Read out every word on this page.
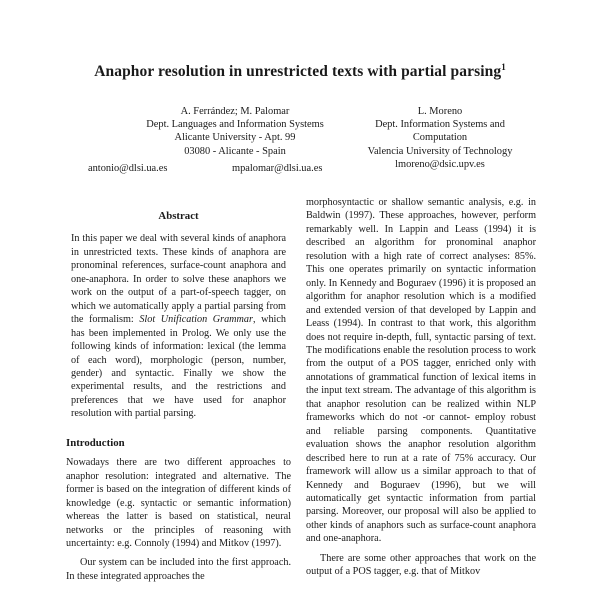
Anaphor resolution in unrestricted texts with partial parsing$^1$
A. Ferrández; M. Palomar
Dept. Languages and Information Systems
Alicante University - Apt. 99
03080 - Alicante - Spain
L. Moreno
Dept. Information Systems and
Computation
Valencia University of Technology
lmoreno@dsic.upv.es
antonio@dlsi.ua.es	mpalomar@dlsi.ua.es
Abstract
In this paper we deal with several kinds of anaphora in unrestricted texts. These kinds of anaphora are pronominal references, surface-count anaphora and one-anaphora. In order to solve these anaphors we work on the output of a part-of-speech tagger, on which we automatically apply a partial parsing from the formalism: Slot Unification Grammar, which has been implemented in Prolog. We only use the following kinds of information: lexical (the lemma of each word), morphologic (person, number, gender) and syntactic. Finally we show the experimental results, and the restrictions and preferences that we have used for anaphor resolution with partial parsing.
Introduction
Nowadays there are two different approaches to anaphor resolution: integrated and alternative. The former is based on the integration of different kinds of knowledge (e.g. syntactic or semantic information) whereas the latter is based on statistical, neural networks or the principles of reasoning with uncertainty: e.g. Connoly (1994) and Mitkov (1997).
Our system can be included into the first approach. In these integrated approaches the
morphosyntactic or shallow semantic analysis, e.g. in Baldwin (1997). These approaches, however, perform remarkably well. In Lappin and Leass (1994) it is described an algorithm for pronominal anaphor resolution with a high rate of correct analyses: 85%. This one operates primarily on syntactic information only. In Kennedy and Boguraev (1996) it is proposed an algorithm for anaphor resolution which is a modified and extended version of that developed by Lappin and Leass (1994). In contrast to that work, this algorithm does not require in-depth, full, syntactic parsing of text. The modifications enable the resolution process to work from the output of a POS tagger, enriched only with annotations of grammatical function of lexical items in the input text stream. The advantage of this algorithm is that anaphor resolution can be realized within NLP frameworks which do not -or cannot- employ robust and reliable parsing components. Quantitative evaluation shows the anaphor resolution algorithm described here to run at a rate of 75% accuracy. Our framework will allow us a similar approach to that of Kennedy and Boguraev (1996), but we will automatically get syntactic information from partial parsing. Moreover, our proposal will also be applied to other kinds of anaphors such as surface-count anaphora and one-anaphora.
There are some other approaches that work on the output of a POS tagger, e.g. that of Mitkov
